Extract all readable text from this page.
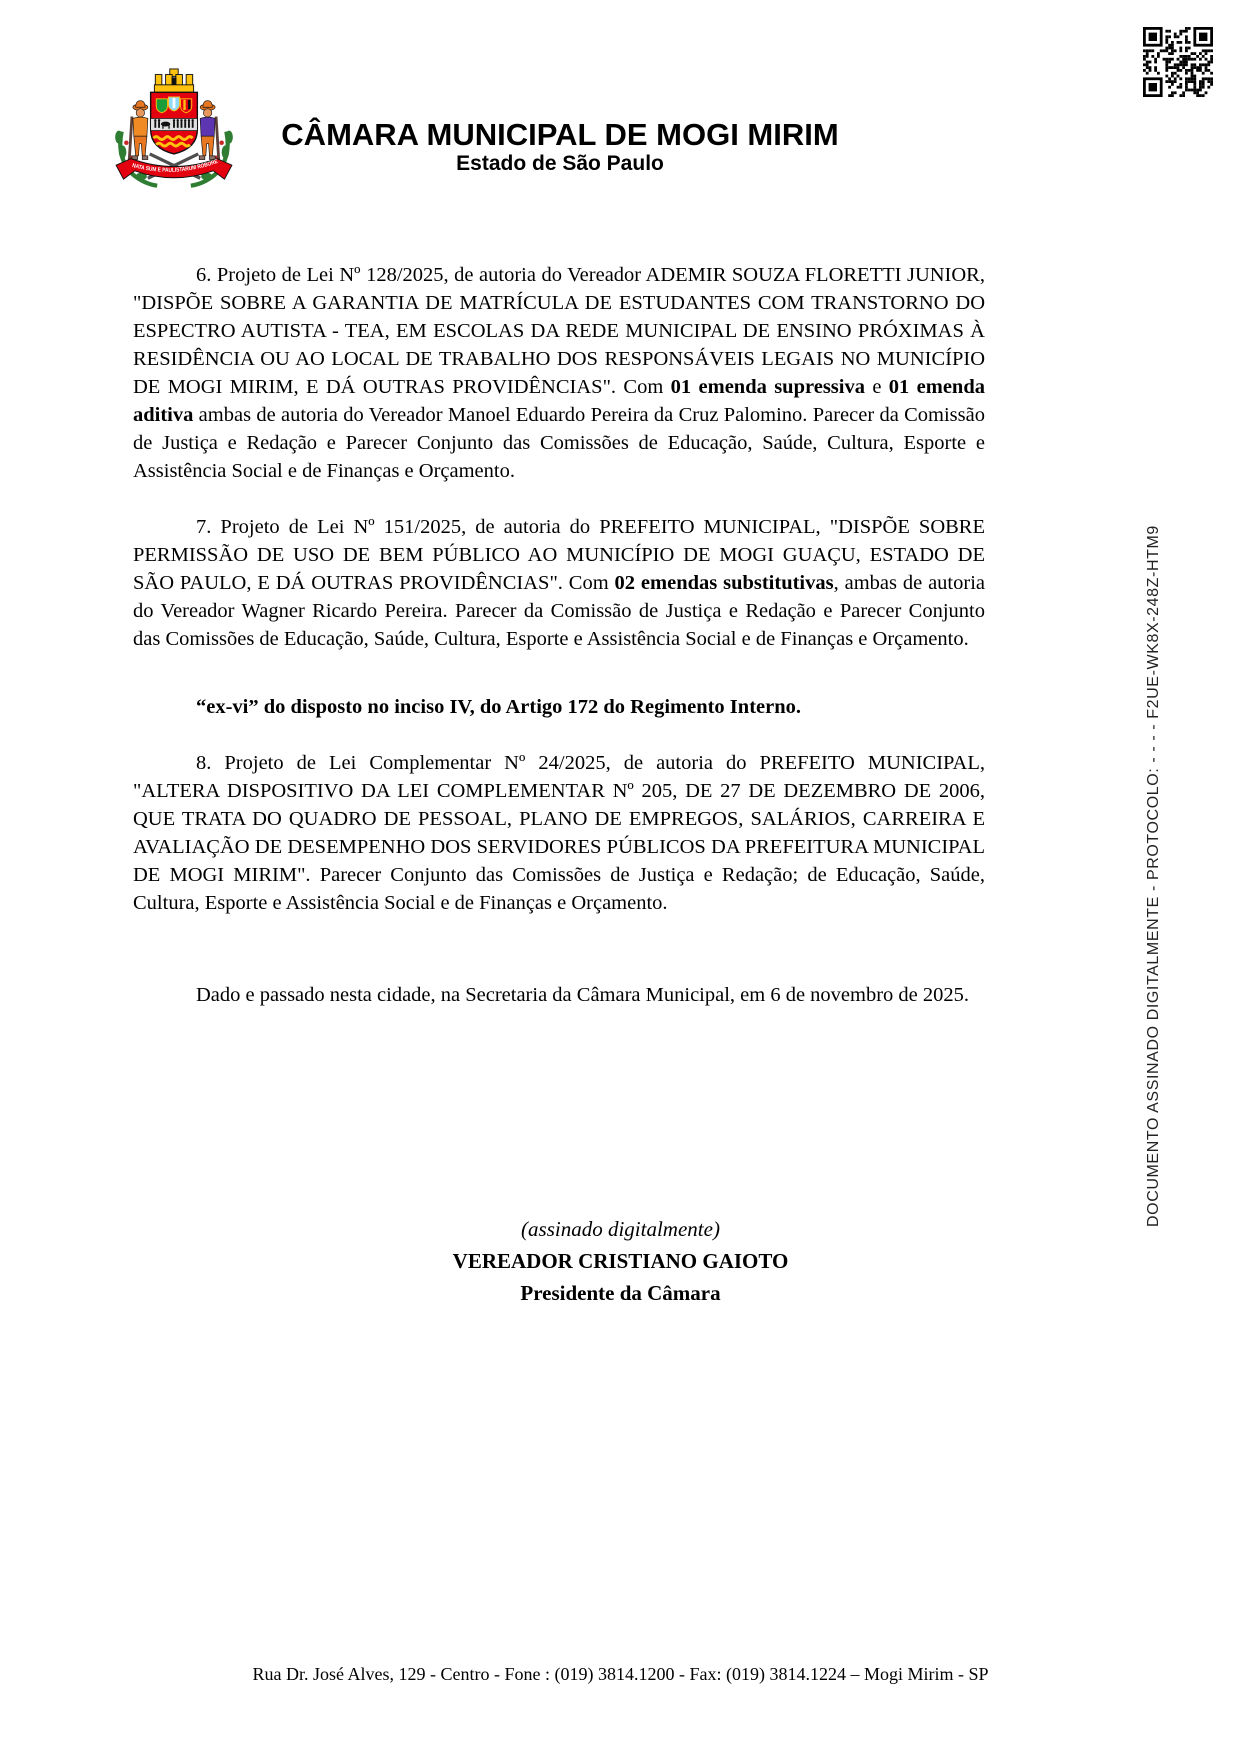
NATA SUM E PAULISTARUM ROBORE
CÂMARA MUNICIPAL DE MOGI MIRIM
Estado de São Paulo

6. Projeto de Lei Nº 128/2025, de autoria do Vereador ADEMIR SOUZA FLORETTI JUNIOR, "DISPÕE SOBRE A GARANTIA DE MATRÍCULA DE ESTUDANTES COM TRANSTORNO DO ESPECTRO AUTISTA - TEA, EM ESCOLAS DA REDE MUNICIPAL DE ENSINO PRÓXIMAS À RESIDÊNCIA OU AO LOCAL DE TRABALHO DOS RESPONSÁVEIS LEGAIS NO MUNICÍPIO DE MOGI MIRIM, E DÁ OUTRAS PROVIDÊNCIAS". Com 01 emenda supressiva e 01 emenda aditiva ambas de autoria do Vereador Manoel Eduardo Pereira da Cruz Palomino. Parecer da Comissão de Justiça e Redação e Parecer Conjunto das Comissões de Educação, Saúde, Cultura, Esporte e Assistência Social e de Finanças e Orçamento.

7. Projeto de Lei Nº 151/2025, de autoria do PREFEITO MUNICIPAL, "DISPÕE SOBRE PERMISSÃO DE USO DE BEM PÚBLICO AO MUNICÍPIO DE MOGI GUAÇU, ESTADO DE SÃO PAULO, E DÁ OUTRAS PROVIDÊNCIAS". Com 02 emendas substitutivas, ambas de autoria do Vereador Wagner Ricardo Pereira. Parecer da Comissão de Justiça e Redação e Parecer Conjunto das Comissões de Educação, Saúde, Cultura, Esporte e Assistência Social e de Finanças e Orçamento.

“ex-vi” do disposto no inciso IV, do Artigo 172 do Regimento Interno.

8. Projeto de Lei Complementar Nº 24/2025, de autoria do PREFEITO MUNICIPAL, "ALTERA DISPOSITIVO DA LEI COMPLEMENTAR Nº 205, DE 27 DE DEZEMBRO DE 2006, QUE TRATA DO QUADRO DE PESSOAL, PLANO DE EMPREGOS, SALÁRIOS, CARREIRA E AVALIAÇÃO DE DESEMPENHO DOS SERVIDORES PÚBLICOS DA PREFEITURA MUNICIPAL DE MOGI MIRIM". Parecer Conjunto das Comissões de Justiça e Redação; de Educação, Saúde, Cultura, Esporte e Assistência Social e de Finanças e Orçamento.

Dado e passado nesta cidade, na Secretaria da Câmara Municipal, em 6 de novembro de 2025.

(assinado digitalmente)
VEREADOR CRISTIANO GAIOTO
Presidente da Câmara
Rua Dr. José Alves, 129 - Centro - Fone : (019) 3814.1200 - Fax: (019) 3814.1224 – Mogi Mirim - SP
DOCUMENTO ASSINADO DIGITALMENTE - PROTOCOLO: - - - - F2UE-WK8X-248Z-HTM9
